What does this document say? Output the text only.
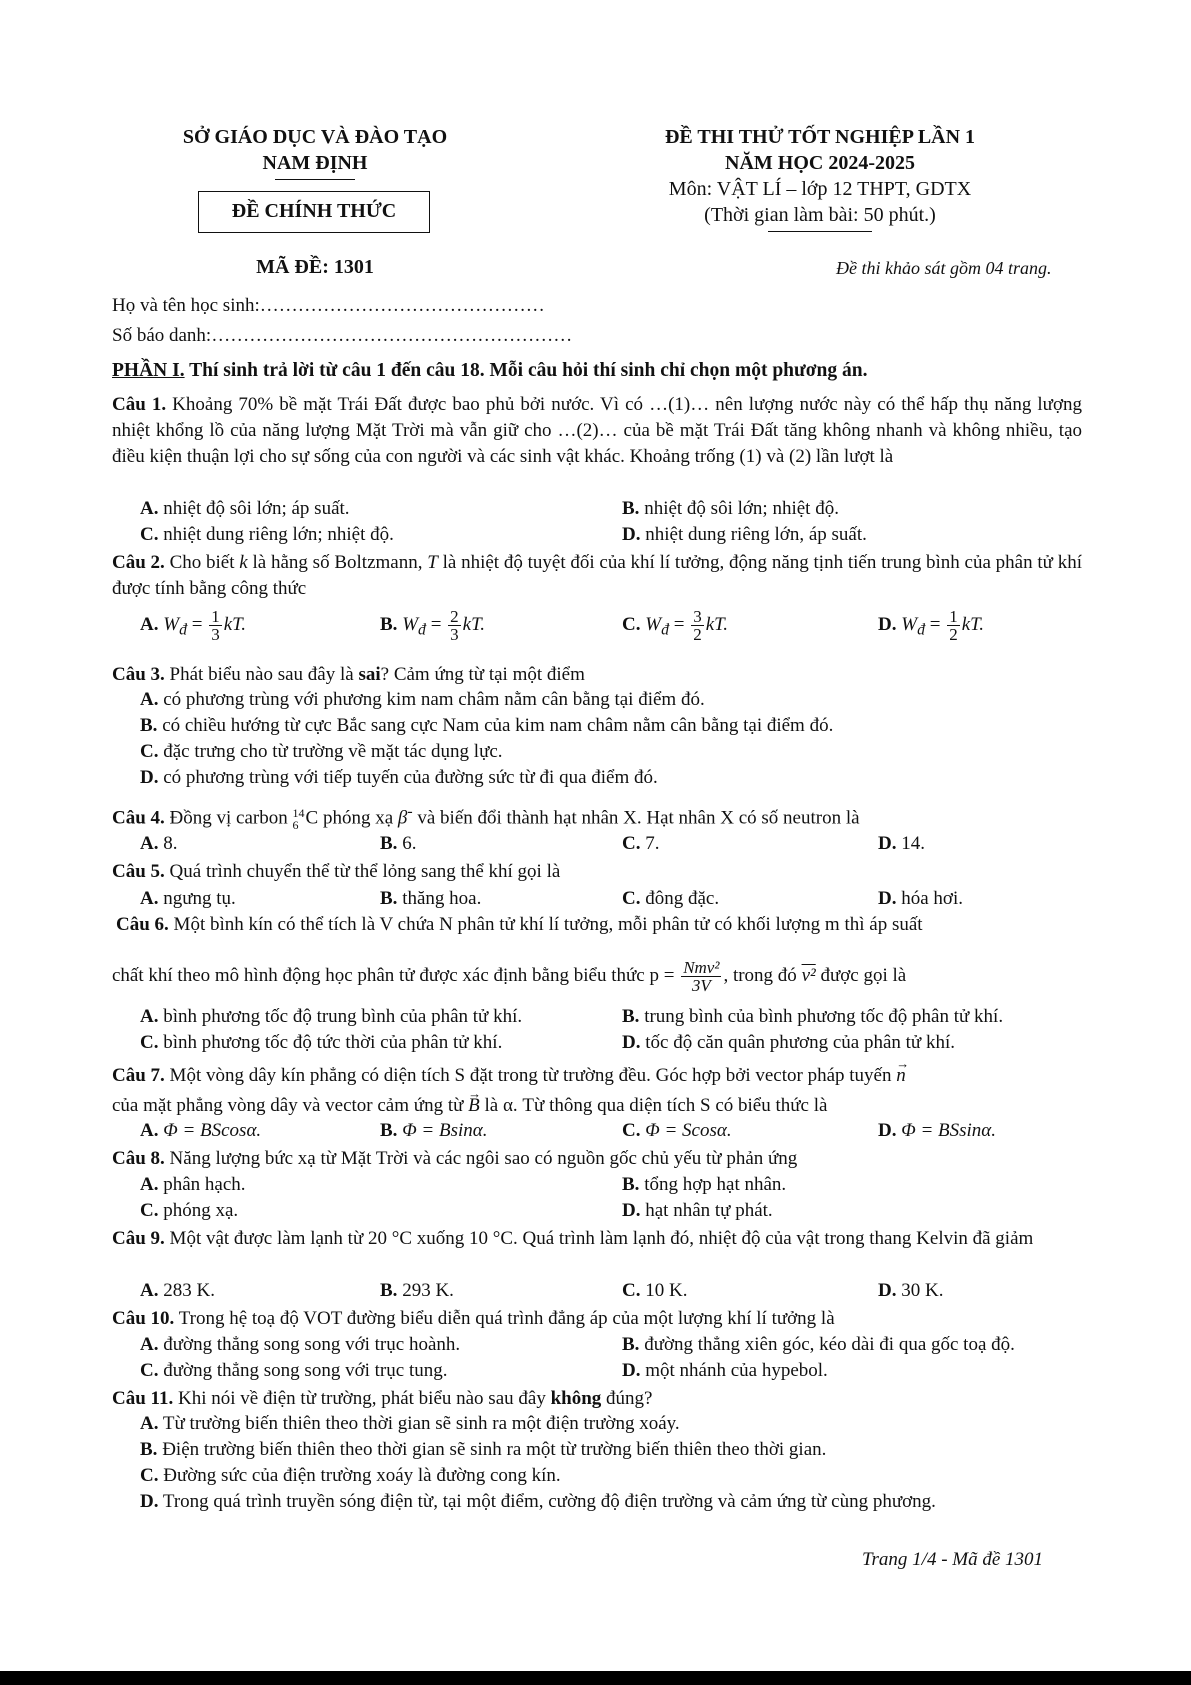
SỞ GIÁO DỤC VÀ ĐÀO TẠO
NAM ĐỊNH
ĐỀ CHÍNH THỨC
MÃ ĐỀ: 1301
ĐỀ THI THỬ TỐT NGHIỆP LẦN 1
NĂM HỌC 2024-2025
Môn: VẬT LÍ – lớp 12 THPT, GDTX
(Thời gian làm bài: 50 phút.)
Đề thi khảo sát gồm 04 trang.
Họ và tên học sinh:………………………………………
Số báo danh:…………………………………………………
PHẦN I. Thí sinh trả lời từ câu 1 đến câu 18. Mỗi câu hỏi thí sinh chỉ chọn một phương án.
Câu 1. Khoảng 70% bề mặt Trái Đất được bao phủ bởi nước. Vì có …(1)… nên lượng nước này có thể hấp thụ năng lượng nhiệt khổng lồ của năng lượng Mặt Trời mà vẫn giữ cho …(2)… của bề mặt Trái Đất tăng không nhanh và không nhiều, tạo điều kiện thuận lợi cho sự sống của con người và các sinh vật khác. Khoảng trống (1) và (2) lần lượt là
A. nhiệt độ sôi lớn; áp suất.	B. nhiệt độ sôi lớn; nhiệt độ.
C. nhiệt dung riêng lớn; nhiệt độ.	D. nhiệt dung riêng lớn, áp suất.
Câu 2. Cho biết k là hằng số Boltzmann, T là nhiệt độ tuyệt đối của khí lí tưởng, động năng tịnh tiến trung bình của phân tử khí được tính bằng công thức
A. $W_đ = \frac{1}{3}$ kT.	B. $W_đ = \frac{2}{3}$ kT.	C. $W_đ = \frac{3}{2}$ kT.	D. $W_đ = \frac{1}{2}$ kT.
Câu 3. Phát biểu nào sau đây là sai? Cảm ứng từ tại một điểm
A. có phương trùng với phương kim nam châm nằm cân bằng tại điểm đó.
B. có chiều hướng từ cực Bắc sang cực Nam của kim nam châm nằm cân bằng tại điểm đó.
C. đặc trưng cho từ trường về mặt tác dụng lực.
D. có phương trùng với tiếp tuyến của đường sức từ đi qua điểm đó.
Câu 4. Đồng vị carbon 14
6 C phóng xạ β- và biến đổi thành hạt nhân X. Hạt nhân X có số neutron là
A. 8.	B. 6.	C. 7.	D. 14.
Câu 5. Quá trình chuyển thể từ thể lỏng sang thể khí gọi là
A. ngưng tụ.	B. thăng hoa.	C. đông đặc.	D. hóa hơi.
Câu 6. Một bình kín có thể tích là V chứa N phân tử khí lí tưởng, mỗi phân tử có khối lượng m thì áp suất
chất khí theo mô hình động học phân tử được xác định bằng biểu thức $p = \frac{\text{Nmv²}}{3V}$ , trong đó v² được gọi là
A. bình phương tốc độ trung bình của phân tử khí.	B. trung bình của bình phương tốc độ phân tử khí.
C. bình phương tốc độ tức thời của phân tử khí.	D. tốc độ căn quân phương của phân tử khí.
Câu 7. Một vòng dây kín phẳng có diện tích S đặt trong từ trường đều. Góc hợp bởi vector pháp tuyến → n
của mặt phẳng vòng dây và vector cảm ứng từ → B là α. Từ thông qua diện tích S có biểu thức là
A. Φ = BScosα.	B. Φ = Bsinα.	C. Φ = Scosα.	D. Φ = BSsinα.
Câu 8. Năng lượng bức xạ từ Mặt Trời và các ngôi sao có nguồn gốc chủ yếu từ phản ứng
A. phân hạch.	B. tổng hợp hạt nhân.
C. phóng xạ.	D. hạt nhân tự phát.
Câu 9. Một vật được làm lạnh từ 20 °C xuống 10 °C. Quá trình làm lạnh đó, nhiệt độ của vật trong thang Kelvin đã giảm
A. 283 K.	B. 293 K.	C. 10 K.	D. 30 K.
Câu 10. Trong hệ toạ độ VOT đường biểu diễn quá trình đẳng áp của một lượng khí lí tưởng là
A. đường thẳng song song với trục hoành.	B. đường thẳng xiên góc, kéo dài đi qua gốc toạ độ.
C. đường thẳng song song với trục tung.	D. một nhánh của hypebol.
Câu 11. Khi nói về điện từ trường, phát biểu nào sau đây không đúng?
A. Từ trường biến thiên theo thời gian sẽ sinh ra một điện trường xoáy.
B. Điện trường biến thiên theo thời gian sẽ sinh ra một từ trường biến thiên theo thời gian.
C. Đường sức của điện trường xoáy là đường cong kín.
D. Trong quá trình truyền sóng điện từ, tại một điểm, cường độ điện trường và cảm ứng từ cùng phương.
Trang 1/4 - Mã đề 1301
